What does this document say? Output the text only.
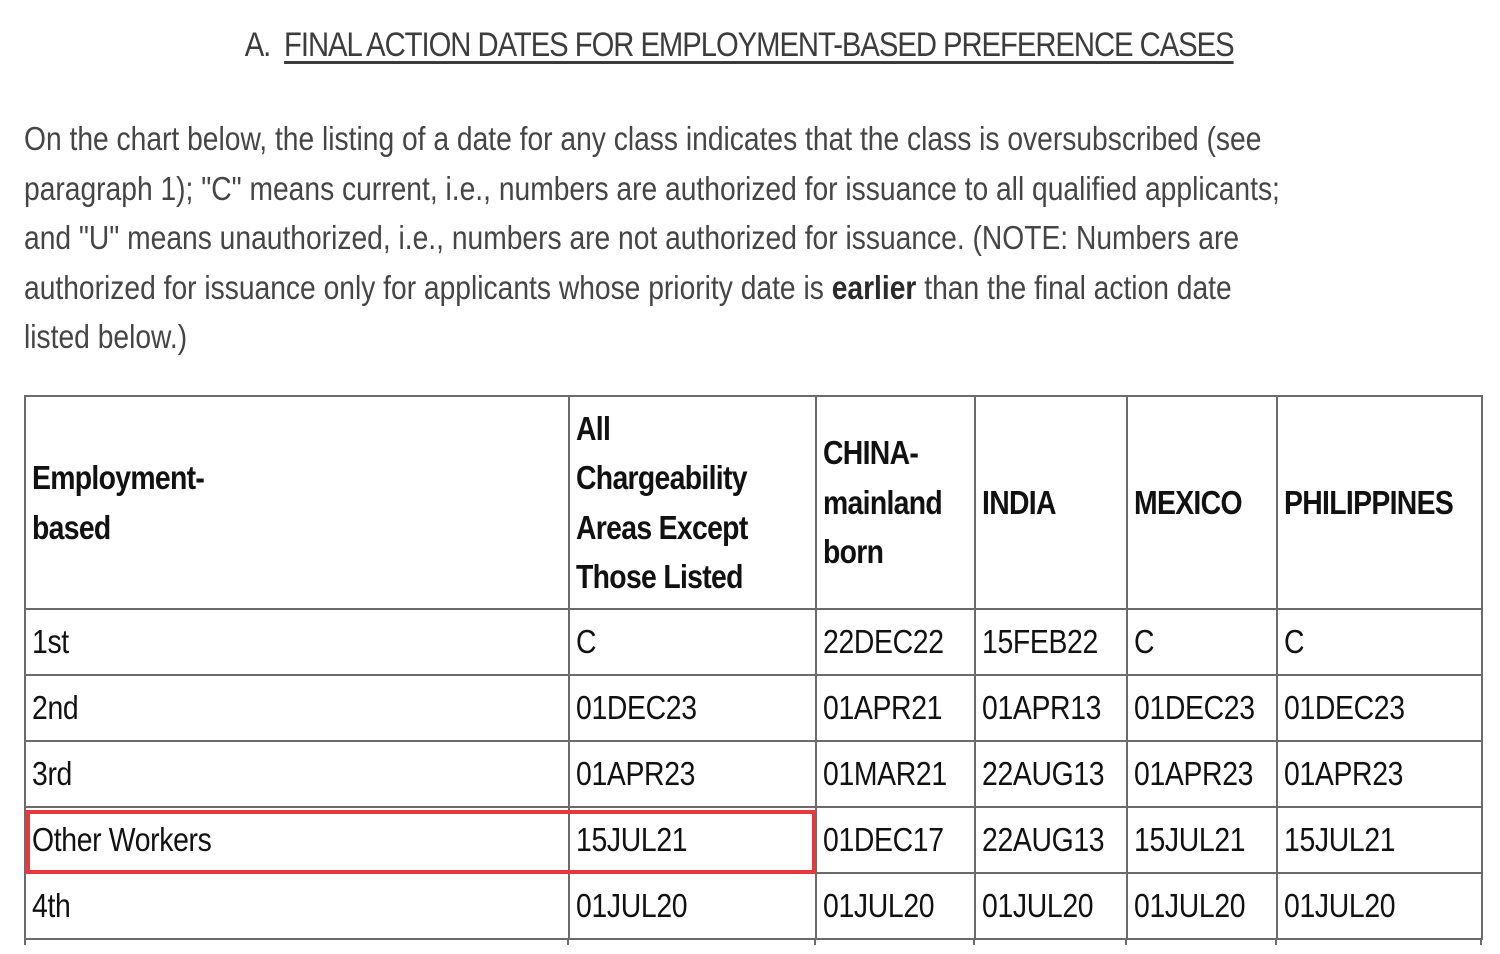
A. FINAL ACTION DATES FOR EMPLOYMENT-BASED PREFERENCE CASES
On the chart below, the listing of a date for any class indicates that the class is oversubscribed (see
paragraph 1); "C" means current, i.e., numbers are authorized for issuance to all qualified applicants;
and "U" means unauthorized, i.e., numbers are not authorized for issuance. (NOTE: Numbers are
authorized for issuance only for applicants whose priority date is earlier than the final action date
listed below.)
Employment-
based	All
Chargeability
Areas Except
Those Listed	CHINA-
mainland
born	INDIA	MEXICO	PHILIPPINES
1st	C	22DEC22	15FEB22	C	C
2nd	01DEC23	01APR21	01APR13	01DEC23	01DEC23
3rd	01APR23	01MAR21	22AUG13	01APR23	01APR23
Other Workers	15JUL21	01DEC17	22AUG13	15JUL21	15JUL21
4th	01JUL20	01JUL20	01JUL20	01JUL20	01JUL20
